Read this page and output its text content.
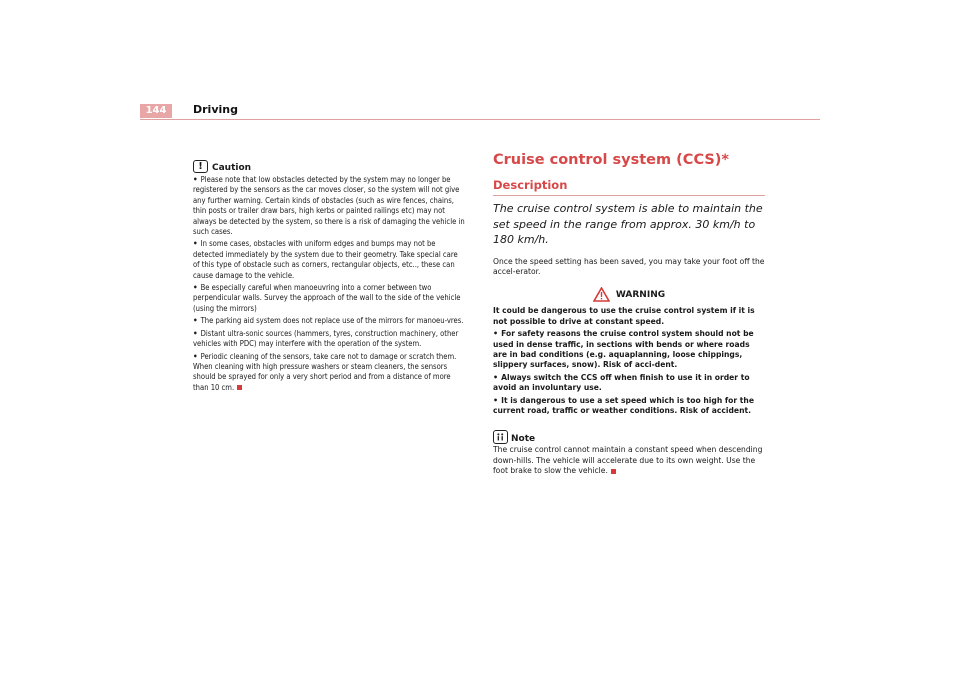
144	Driving
!	Caution

• Please note that low obstacles detected by the system may no longer be registered by the sensors as the car moves closer, so the system will not give any further warning. Certain kinds of obstacles (such as wire fences, chains, thin posts or trailer draw bars, high kerbs or painted railings etc) may not always be detected by the system, so there is a risk of damaging the vehicle in such cases.

• In some cases, obstacles with uniform edges and bumps may not be detected immediately by the system due to their geometry. Take special care of this type of obstacle such as corners, rectangular objects, etc.., these can cause damage to the vehicle.

• Be especially careful when manoeuvring into a corner between two perpendicular walls. Survey the approach of the wall to the side of the vehicle (using the mirrors)

• The parking aid system does not replace use of the mirrors for manoeu-vres.

• Distant ultra-sonic sources (hammers, tyres, construction machinery, other vehicles with PDC) may interfere with the operation of the system.

• Periodic cleaning of the sensors, take care not to damage or scratch them. When cleaning with high pressure washers or steam cleaners, the sensors should be sprayed for only a very short period and from a distance of more than 10 cm.

Cruise control system (CCS)*
Description

The cruise control system is able to maintain the set speed in the range from approx. 30 km/h to 180 km/h.

Once the speed setting has been saved, you may take your foot off the accel-erator.

WARNING

It could be dangerous to use the cruise control system if it is not possible to drive at constant speed.

• For safety reasons the cruise control system should not be used in dense traffic, in sections with bends or where roads are in bad conditions (e.g. aquaplanning, loose chippings, slippery surfaces, snow). Risk of acci-dent.

• Always switch the CCS off when finish to use it in order to avoid an involuntary use.

• It is dangerous to use a set speed which is too high for the current road, traffic or weather conditions. Risk of accident.

Note

The cruise control cannot maintain a constant speed when descending down-hills. The vehicle will accelerate due to its own weight. Use the foot brake to slow the vehicle.
